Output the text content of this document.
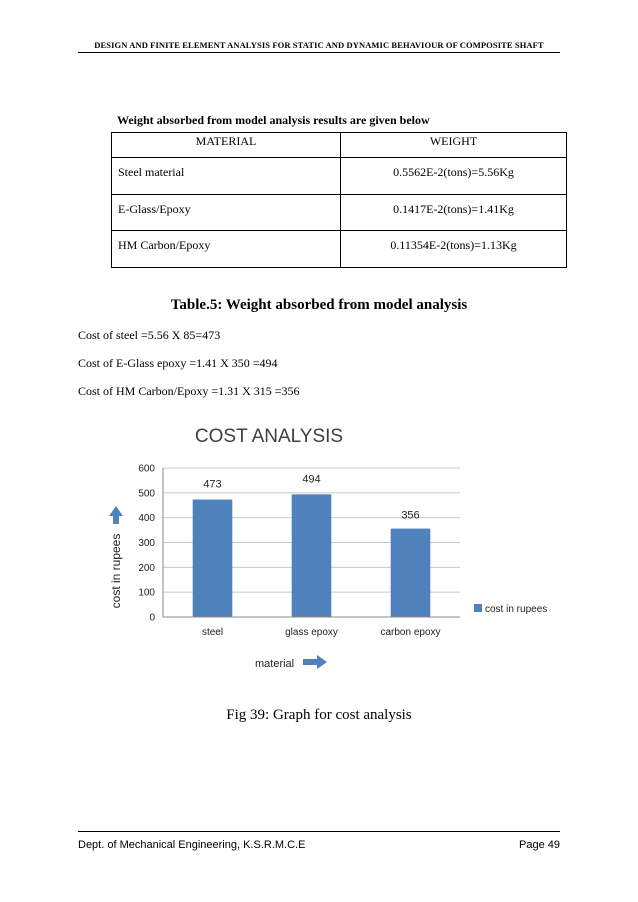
DESIGN AND FINITE ELEMENT ANALYSIS FOR STATIC AND DYNAMIC BEHAVIOUR OF COMPOSITE SHAFT
Weight absorbed from model analysis results are given below
MATERIAL	WEIGHT
Steel material	0.5562E-2(tons)=5.56Kg
E-Glass/Epoxy	0.1417E-2(tons)=1.41Kg
HM Carbon/Epoxy	0.11354E-2(tons)=1.13Kg
Table.5: Weight absorbed from model analysis
Cost of steel =5.56 X 85=473
Cost of E-Glass epoxy =1.41 X 350 =494
Cost of HM Carbon/Epoxy =1.31 X 315 =356
COST ANALYSIS
0
100
200
300
400
500
600
473	494
356
steel	glass epoxy	carbon epoxy
cost in rupees
cost in rupees
material
Fig 39: Graph for cost analysis
Dept. of Mechanical Engineering, K.S.R.M.C.E	Page 49
